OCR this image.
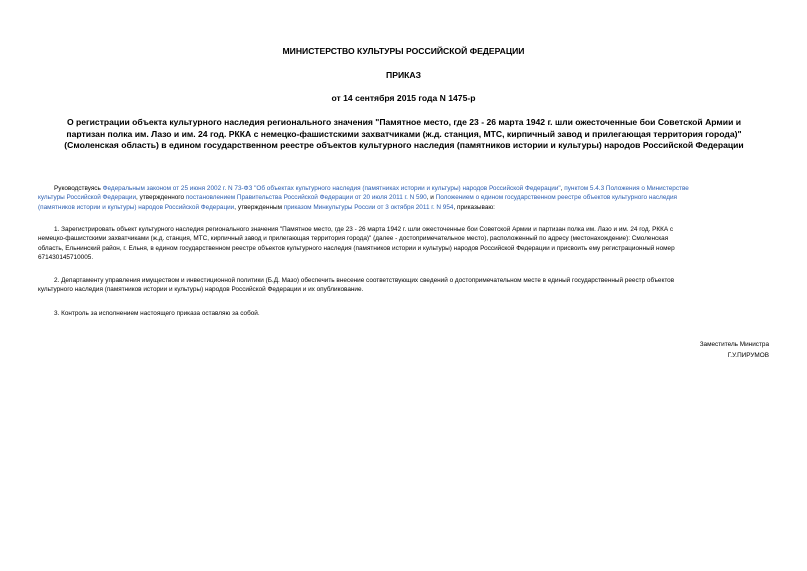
МИНИСТЕРСТВО КУЛЬТУРЫ РОССИЙСКОЙ ФЕДЕРАЦИИ
ПРИКАЗ
от 14 сентября 2015 года N 1475-р
О регистрации объекта культурного наследия регионального значения "Памятное место, где 23 - 26 марта 1942 г. шли ожесточенные бои Советской Армии и
партизан полка им. Лазо и им. 24 год. РККА с немецко-фашистскими захватчиками (ж.д. станция, МТС, кирпичный завод и прилегающая территория города)"
(Смоленская область) в едином государственном реестре объектов культурного наследия (памятников истории и культуры) народов Российской Федерации
Руководствуясь Федеральным законом от 25 июня 2002 г. N 73-ФЗ "Об объектах культурного наследия (памятниках истории и культуры) народов Российской Федерации", пунктом 5.4.3 Положения о Министерстве
культуры Российской Федерации, утвержденного постановлением Правительства Российской Федерации от 20 июля 2011 г. N 590, и Положением о едином государственном реестре объектов культурного наследия
(памятников истории и культуры) народов Российской Федерации, утвержденным приказом Минкультуры России от 3 октября 2011 г. N 954, приказываю:
1. Зарегистрировать объект культурного наследия регионального значения "Памятное место, где 23 - 26 марта 1942 г. шли ожесточенные бои Советской Армии и партизан полка им. Лазо и им. 24 год. РККА с
немецко-фашистскими захватчиками (ж.д. станция, МТС, кирпичный завод и прилегающая территория города)" (далее - достопримечательное место), расположенный по адресу (местонахождение): Смоленская
область, Ельнинский район, г. Ельня, в едином государственном реестре объектов культурного наследия (памятников истории и культуры) народов Российской Федерации и присвоить ему регистрационный номер
671430145710005.
2. Департаменту управления имуществом и инвестиционной политики (Б.Д. Мазо) обеспечить внесение соответствующих сведений о достопримечательном месте в единый государственный реестр объектов
культурного наследия (памятников истории и культуры) народов Российской Федерации и их опубликование.
3. Контроль за исполнением настоящего приказа оставляю за собой.
Заместитель Министра
Г.У.ПИРУМОВ
